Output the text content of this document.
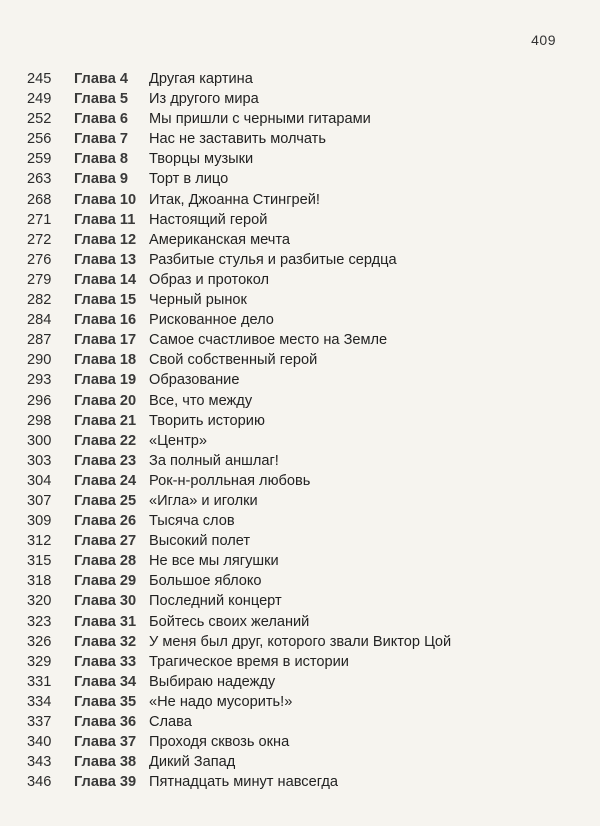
409
245	Глава 4	Другая картина
249	Глава 5	Из другого мира
252	Глава 6	Мы пришли с черными гитарами
256	Глава 7	Нас не заставить молчать
259	Глава 8	Творцы музыки
263	Глава 9	Торт в лицо
268	Глава 10 Итак, Джоанна Стингрей!
271	Глава 11 Настоящий герой
272	Глава 12 Американская мечта
276	Глава 13 Разбитые стулья и разбитые сердца
279	Глава 14 Образ и протокол
282	Глава 15 Черный рынок
284	Глава 16 Рискованное дело
287	Глава 17 Самое счастливое место на Земле
290	Глава 18 Свой собственный герой
293	Глава 19 Образование
296	Глава 20 Все, что между
298	Глава 21 Творить историю
300	Глава 22 «Центр»
303	Глава 23 За полный аншлаг!
304	Глава 24 Рок-н-ролльная любовь
307	Глава 25 «Игла» и иголки
309	Глава 26 Тысяча слов
312	Глава 27 Высокий полет
315	Глава 28 Не все мы лягушки
318	Глава 29 Большое яблоко
320	Глава 30 Последний концерт
323	Глава 31 Бойтесь своих желаний
326	Глава 32 У меня был друг, которого звали Виктор Цой
329	Глава 33 Трагическое время в истории
331	Глава 34 Выбираю надежду
334	Глава 35 «Не надо мусорить!»
337	Глава 36 Слава
340	Глава 37 Проходя сквозь окна
343	Глава 38 Дикий Запад
346	Глава 39 Пятнадцать минут навсегда
